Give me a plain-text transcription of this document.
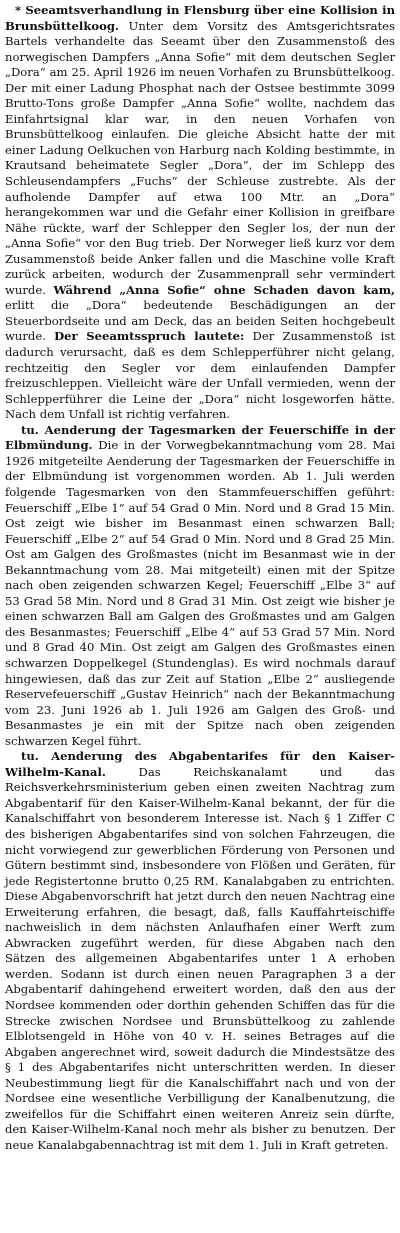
* Seeamtsverhandlung in Flensburg über eine Kollision in Brunsbüttelkoog. Unter dem Vorsitz des Amtsgerichtsrates Bartels verhandelte das Seeamt über den Zusammenstoß des norwegischen Dampfers „Anna Sofie“ mit dem deutschen Segler „Dora“ am 25. April 1926 im neuen Vorhafen zu Brunsbüttelkoog. Der mit einer Ladung Phosphat nach der Ostsee bestimmte 3099 Brutto-Tons große Dampfer „Anna Sofie“ wollte, nachdem das Einfahrtsignal klar war, in den neuen Vorhafen von Brunsbüttelkoog einlaufen. Die gleiche Absicht hatte der mit einer Ladung Oelkuchen von Harburg nach Kolding bestimmte, in Krautsand beheimatete Segler „Dora“, der im Schlepp des Schleusendampfers „Fuchs“ der Schleuse zustrebte. Als der aufholende Dampfer auf etwa 100 Mtr. an „Dora“ herangekommen war und die Gefahr einer Kollision in greifbare Nähe rückte, warf der Schlepper den Segler los, der nun der „Anna Sofie“ vor den Bug trieb. Der Norweger ließ kurz vor dem Zusammenstoß beide Anker fallen und die Maschine volle Kraft zurück arbeiten, wodurch der Zusammenprall sehr vermindert wurde. Während „Anna Sofie“ ohne Schaden davon kam, erlitt die „Dora“ bedeutende Beschädigungen an der Steuerbordseite und am Deck, das an beiden Seiten hochgebeult wurde. Der Seeamtsspruch lautete: Der Zusammenstoß ist dadurch verursacht, daß es dem Schlepperführer nicht gelang, rechtzeitig den Segler vor dem einlaufenden Dampfer freizuschleppen. Vielleicht wäre der Unfall vermieden, wenn der Schlepperführer die Leine der „Dora“ nicht losgeworfen hätte. Nach dem Unfall ist richtig verfahren.

tu. Aenderung der Tagesmarken der Feuerschiffe in der Elbmündung. Die in der Vorwegbekanntmachung vom 28. Mai 1926 mitgeteilte Aenderung der Tagesmarken der Feuerschiffe in der Elbmündung ist vorgenommen worden. Ab 1. Juli werden folgende Tagesmarken von den Stammfeuerschiffen geführt: Feuerschiff „Elbe 1“ auf 54 Grad 0 Min. Nord und 8 Grad 15 Min. Ost zeigt wie bisher im Besanmast einen schwarzen Ball; Feuerschiff „Elbe 2“ auf 54 Grad 0 Min. Nord und 8 Grad 25 Min. Ost am Galgen des Großmastes (nicht im Besanmast wie in der Bekanntmachung vom 28. Mai mitgeteilt) einen mit der Spitze nach oben zeigenden schwarzen Kegel; Feuerschiff „Elbe 3“ auf 53 Grad 58 Min. Nord und 8 Grad 31 Min. Ost zeigt wie bisher je einen schwarzen Ball am Galgen des Großmastes und am Galgen des Besanmastes; Feuerschiff „Elbe 4“ auf 53 Grad 57 Min. Nord und 8 Grad 40 Min. Ost zeigt am Galgen des Großmastes einen schwarzen Doppelkegel (Stundenglas). Es wird nochmals darauf hingewiesen, daß das zur Zeit auf Station „Elbe 2“ ausliegende Reservefeuerschiff „Gustav Heinrich“ nach der Bekanntmachung vom 23. Juni 1926 ab 1. Juli 1926 am Galgen des Groß- und Besanmastes je ein mit der Spitze nach oben zeigenden schwarzen Kegel führt.

tu. Aenderung des Abgabentarifes für den Kaiser-Wilhelm-Kanal. Das Reichskanalamt und das Reichsverkehrsministerium geben einen zweiten Nachtrag zum Abgabentarif für den Kaiser-Wilhelm-Kanal bekannt, der für die Kanalschiffahrt von besonderem Interesse ist. Nach § 1 Ziffer C des bisherigen Abgabentarifes sind von solchen Fahrzeugen, die nicht vorwiegend zur gewerblichen Förderung von Personen und Gütern bestimmt sind, insbesondere von Flößen und Geräten, für jede Registertonne brutto 0,25 RM. Kanalabgaben zu entrichten. Diese Abgabenvorschrift hat jetzt durch den neuen Nachtrag eine Erweiterung erfahren, die besagt, daß, falls Kauffahrteischiffe nachweislich in dem nächsten Anlaufhafen einer Werft zum Abwracken zugeführt werden, für diese Abgaben nach den Sätzen des allgemeinen Abgabentarifes unter 1 A erhoben werden. Sodann ist durch einen neuen Paragraphen 3 a der Abgabentarif dahingehend erweitert worden, daß den aus der Nordsee kommenden oder dorthin gehenden Schiffen das für die Strecke zwischen Nordsee und Brunsbüttelkoog zu zahlende Elblotsengeld in Höhe von 40 v. H. seines Betrages auf die Abgaben angerechnet wird, soweit dadurch die Mindestsätze des § 1 des Abgabentarifes nicht unterschritten werden. In dieser Neubestimmung liegt für die Kanalschiffahrt nach und von der Nordsee eine wesentliche Verbilligung der Kanalbenutzung, die zweifellos für die Schiffahrt einen weiteren Anreiz sein dürfte, den Kaiser-Wilhelm-Kanal noch mehr als bisher zu benutzen. Der neue Kanalabgabennachtrag ist mit dem 1. Juli in Kraft getreten.
